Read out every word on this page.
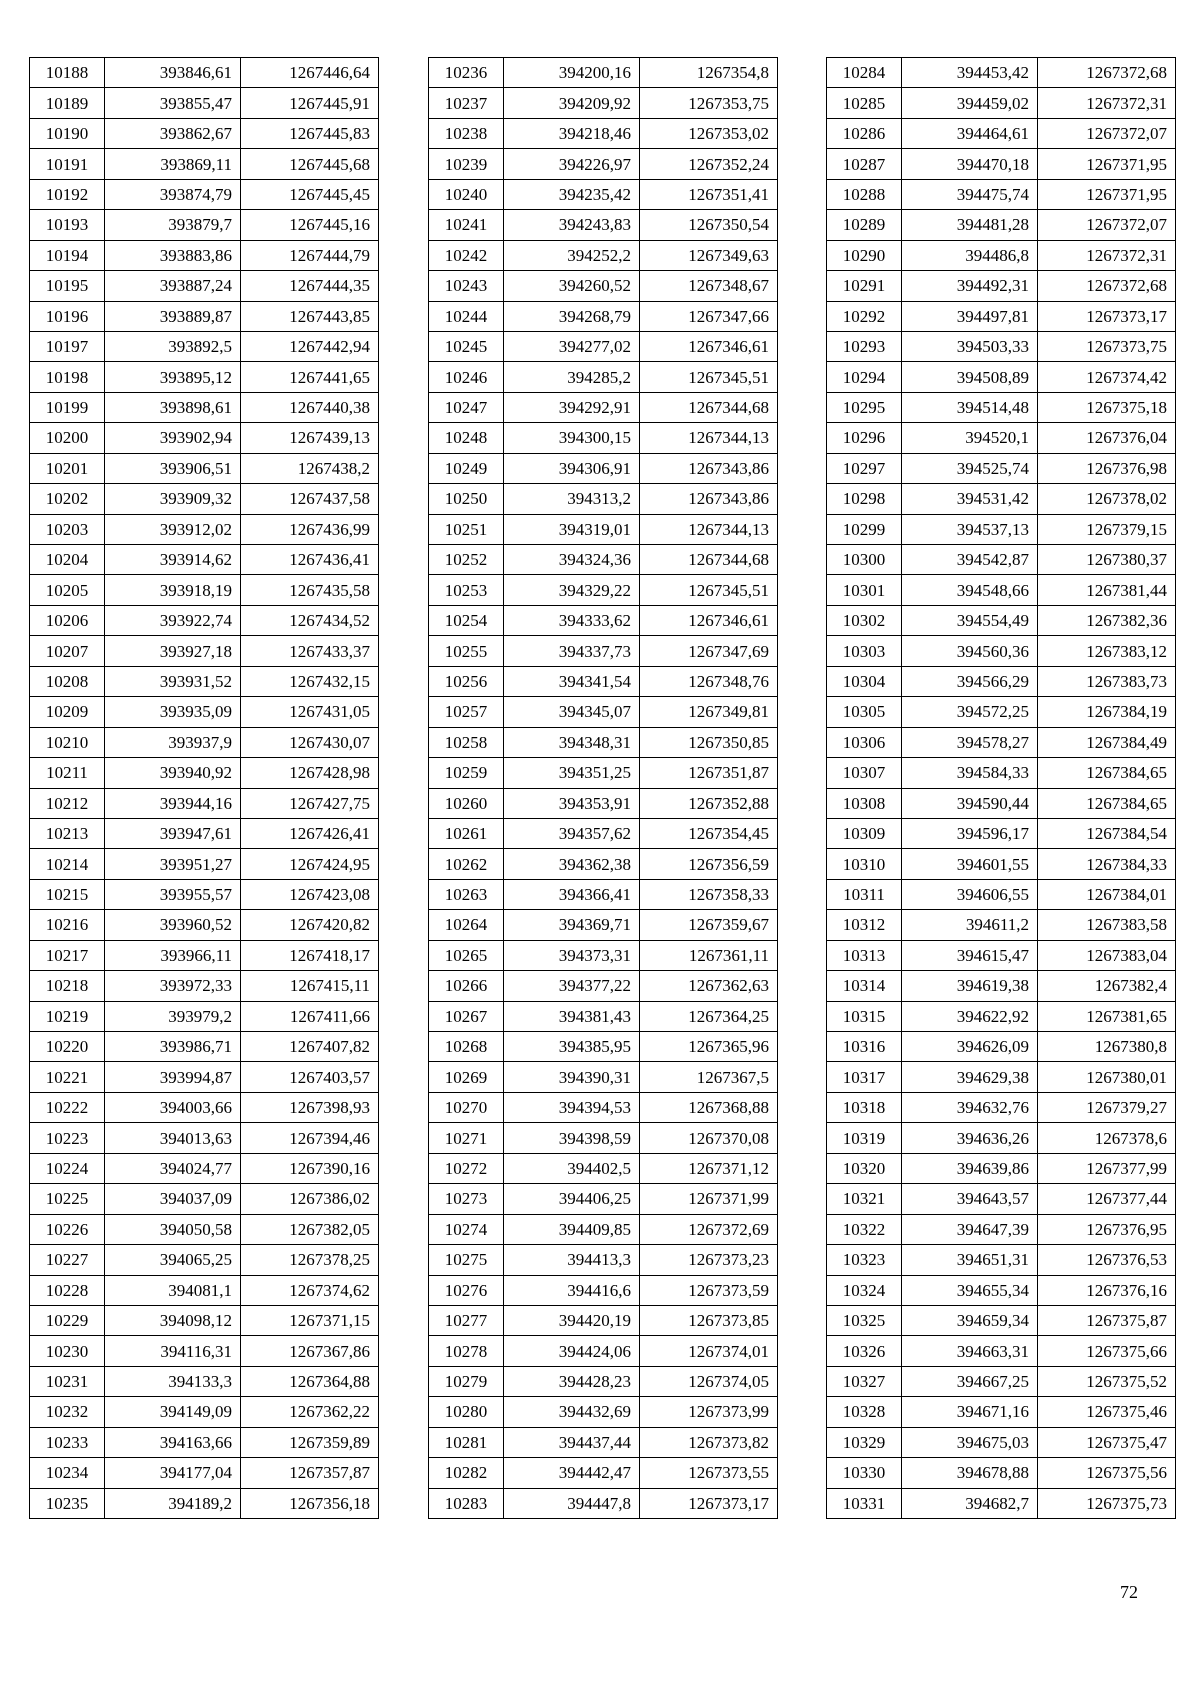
10188	393846,61	1267446,64
10189	393855,47	1267445,91
10190	393862,67	1267445,83
10191	393869,11	1267445,68
10192	393874,79	1267445,45
10193	393879,7	1267445,16
10194	393883,86	1267444,79
10195	393887,24	1267444,35
10196	393889,87	1267443,85
10197	393892,5	1267442,94
10198	393895,12	1267441,65
10199	393898,61	1267440,38
10200	393902,94	1267439,13
10201	393906,51	1267438,2
10202	393909,32	1267437,58
10203	393912,02	1267436,99
10204	393914,62	1267436,41
10205	393918,19	1267435,58
10206	393922,74	1267434,52
10207	393927,18	1267433,37
10208	393931,52	1267432,15
10209	393935,09	1267431,05
10210	393937,9	1267430,07
10211	393940,92	1267428,98
10212	393944,16	1267427,75
10213	393947,61	1267426,41
10214	393951,27	1267424,95
10215	393955,57	1267423,08
10216	393960,52	1267420,82
10217	393966,11	1267418,17
10218	393972,33	1267415,11
10219	393979,2	1267411,66
10220	393986,71	1267407,82
10221	393994,87	1267403,57
10222	394003,66	1267398,93
10223	394013,63	1267394,46
10224	394024,77	1267390,16
10225	394037,09	1267386,02
10226	394050,58	1267382,05
10227	394065,25	1267378,25
10228	394081,1	1267374,62
10229	394098,12	1267371,15
10230	394116,31	1267367,86
10231	394133,3	1267364,88
10232	394149,09	1267362,22
10233	394163,66	1267359,89
10234	394177,04	1267357,87
10235	394189,2	1267356,18
10236	394200,16	1267354,8
10237	394209,92	1267353,75
10238	394218,46	1267353,02
10239	394226,97	1267352,24
10240	394235,42	1267351,41
10241	394243,83	1267350,54
10242	394252,2	1267349,63
10243	394260,52	1267348,67
10244	394268,79	1267347,66
10245	394277,02	1267346,61
10246	394285,2	1267345,51
10247	394292,91	1267344,68
10248	394300,15	1267344,13
10249	394306,91	1267343,86
10250	394313,2	1267343,86
10251	394319,01	1267344,13
10252	394324,36	1267344,68
10253	394329,22	1267345,51
10254	394333,62	1267346,61
10255	394337,73	1267347,69
10256	394341,54	1267348,76
10257	394345,07	1267349,81
10258	394348,31	1267350,85
10259	394351,25	1267351,87
10260	394353,91	1267352,88
10261	394357,62	1267354,45
10262	394362,38	1267356,59
10263	394366,41	1267358,33
10264	394369,71	1267359,67
10265	394373,31	1267361,11
10266	394377,22	1267362,63
10267	394381,43	1267364,25
10268	394385,95	1267365,96
10269	394390,31	1267367,5
10270	394394,53	1267368,88
10271	394398,59	1267370,08
10272	394402,5	1267371,12
10273	394406,25	1267371,99
10274	394409,85	1267372,69
10275	394413,3	1267373,23
10276	394416,6	1267373,59
10277	394420,19	1267373,85
10278	394424,06	1267374,01
10279	394428,23	1267374,05
10280	394432,69	1267373,99
10281	394437,44	1267373,82
10282	394442,47	1267373,55
10283	394447,8	1267373,17
10284	394453,42	1267372,68
10285	394459,02	1267372,31
10286	394464,61	1267372,07
10287	394470,18	1267371,95
10288	394475,74	1267371,95
10289	394481,28	1267372,07
10290	394486,8	1267372,31
10291	394492,31	1267372,68
10292	394497,81	1267373,17
10293	394503,33	1267373,75
10294	394508,89	1267374,42
10295	394514,48	1267375,18
10296	394520,1	1267376,04
10297	394525,74	1267376,98
10298	394531,42	1267378,02
10299	394537,13	1267379,15
10300	394542,87	1267380,37
10301	394548,66	1267381,44
10302	394554,49	1267382,36
10303	394560,36	1267383,12
10304	394566,29	1267383,73
10305	394572,25	1267384,19
10306	394578,27	1267384,49
10307	394584,33	1267384,65
10308	394590,44	1267384,65
10309	394596,17	1267384,54
10310	394601,55	1267384,33
10311	394606,55	1267384,01
10312	394611,2	1267383,58
10313	394615,47	1267383,04
10314	394619,38	1267382,4
10315	394622,92	1267381,65
10316	394626,09	1267380,8
10317	394629,38	1267380,01
10318	394632,76	1267379,27
10319	394636,26	1267378,6
10320	394639,86	1267377,99
10321	394643,57	1267377,44
10322	394647,39	1267376,95
10323	394651,31	1267376,53
10324	394655,34	1267376,16
10325	394659,34	1267375,87
10326	394663,31	1267375,66
10327	394667,25	1267375,52
10328	394671,16	1267375,46
10329	394675,03	1267375,47
10330	394678,88	1267375,56
10331	394682,7	1267375,73
72
